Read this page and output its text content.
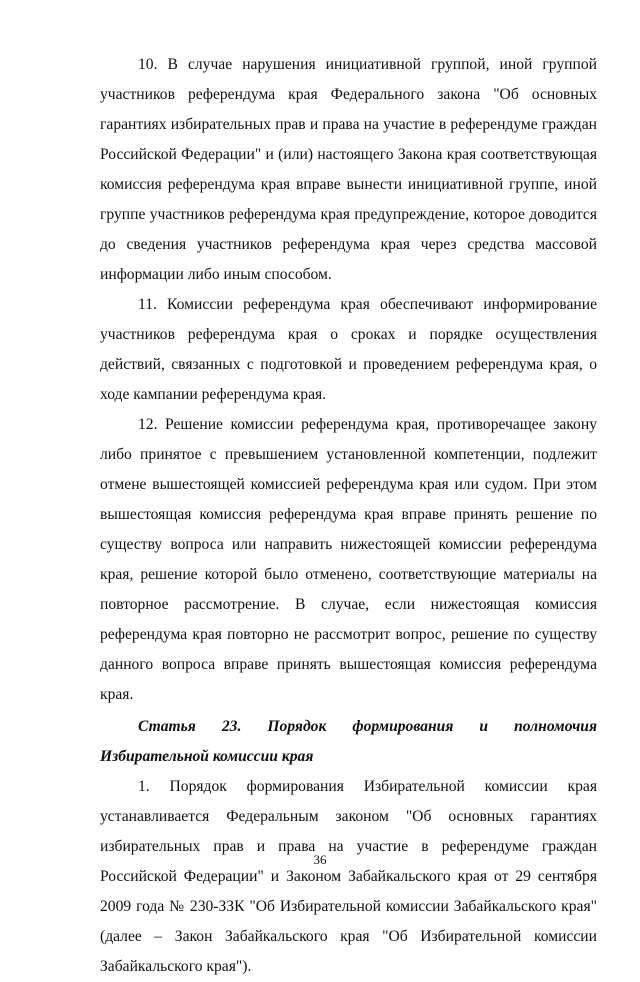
10. В случае нарушения инициативной группой, иной группой участников референдума края Федерального закона "Об основных гарантиях избирательных прав и права на участие в референдуме граждан Российской Федерации" и (или) настоящего Закона края соответствующая комиссия референдума края вправе вынести инициативной группе, иной группе участников референдума края предупреждение, которое доводится до сведения участников референдума края через средства массовой информации либо иным способом.

11. Комиссии референдума края обеспечивают информирование участников референдума края о сроках и порядке осуществления действий, связанных с подготовкой и проведением референдума края, о ходе кампании референдума края.

12. Решение комиссии референдума края, противоречащее закону либо принятое с превышением установленной компетенции, подлежит отмене вышестоящей комиссией референдума края или судом. При этом вышестоящая комиссия референдума края вправе принять решение по существу вопроса или направить нижестоящей комиссии референдума края, решение которой было отменено, соответствующие материалы на повторное рассмотрение. В случае, если нижестоящая комиссия референдума края повторно не рассмотрит вопрос, решение по существу данного вопроса вправе принять вышестоящая комиссия референдума края.

Статья 23. Порядок формирования и полномочия Избирательной комиссии края

1. Порядок формирования Избирательной комиссии края устанавливается Федеральным законом "Об основных гарантиях избирательных прав и права на участие в референдуме граждан Российской Федерации" и Законом Забайкальского края от 29 сентября 2009 года № 230-ЗЗК "Об Избирательной комиссии Забайкальского края" (далее – Закон Забайкальского края "Об Избирательной комиссии Забайкальского края").

36
